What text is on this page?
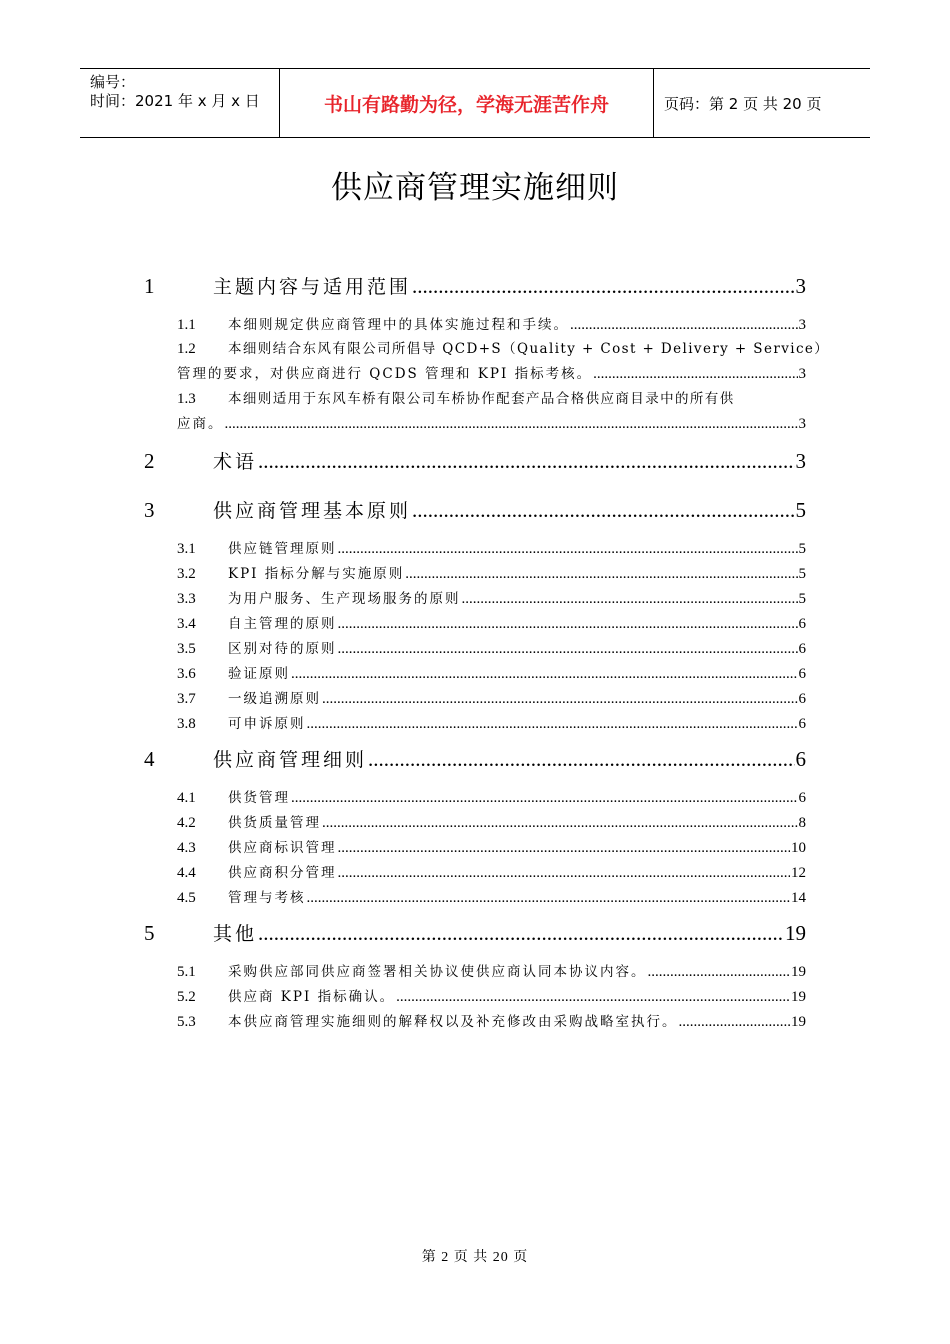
编号：
时间：2021 年 x 月 x 日	书山有路勤为径，学海无涯苦作舟	页码：第 2 页 共 20 页
供应商管理实施细则
1	主题内容与适用范围 .....	3
1.1	本细则规定供应商管理中的具体实施过程和手续。 .....	3
1.2 本细则结合东风有限公司所倡导 QCD+S（Quality + Cost + Delivery + Service）
管理的要求，对供应商进行 QCDS 管理和 KPI 指标考核。 .....	3
1.3 本细则适用于东风车桥有限公司车桥协作配套产品合格供应商目录中的所有供
应商。 .....	3
2	术语 .....	3
3	供应商管理基本原则 .....	5
3.1	供应链管理原则 .....	5
3.2	KPI 指标分解与实施原则 .....	5
3.3	为用户服务、生产现场服务的原则 .....	5
3.4	自主管理的原则 .....	6
3.5	区别对待的原则 .....	6
3.6	验证原则 .....	6
3.7	一级追溯原则 .....	6
3.8	可申诉原则 .....	6
4	供应商管理细则 .....	6
4.1	供货管理 .....	6
4.2	供货质量管理 .....	8
4.3	供应商标识管理 .....	10
4.4	供应商积分管理 .....	12
4.5	管理与考核 .....	14
5	其他 .....	19
5.1	采购供应部同供应商签署相关协议使供应商认同本协议内容。 .....	19
5.2	供应商 KPI 指标确认。 .....	19
5.3	本供应商管理实施细则的解释权以及补充修改由采购战略室执行。 .....	19
第 2 页 共 20 页
